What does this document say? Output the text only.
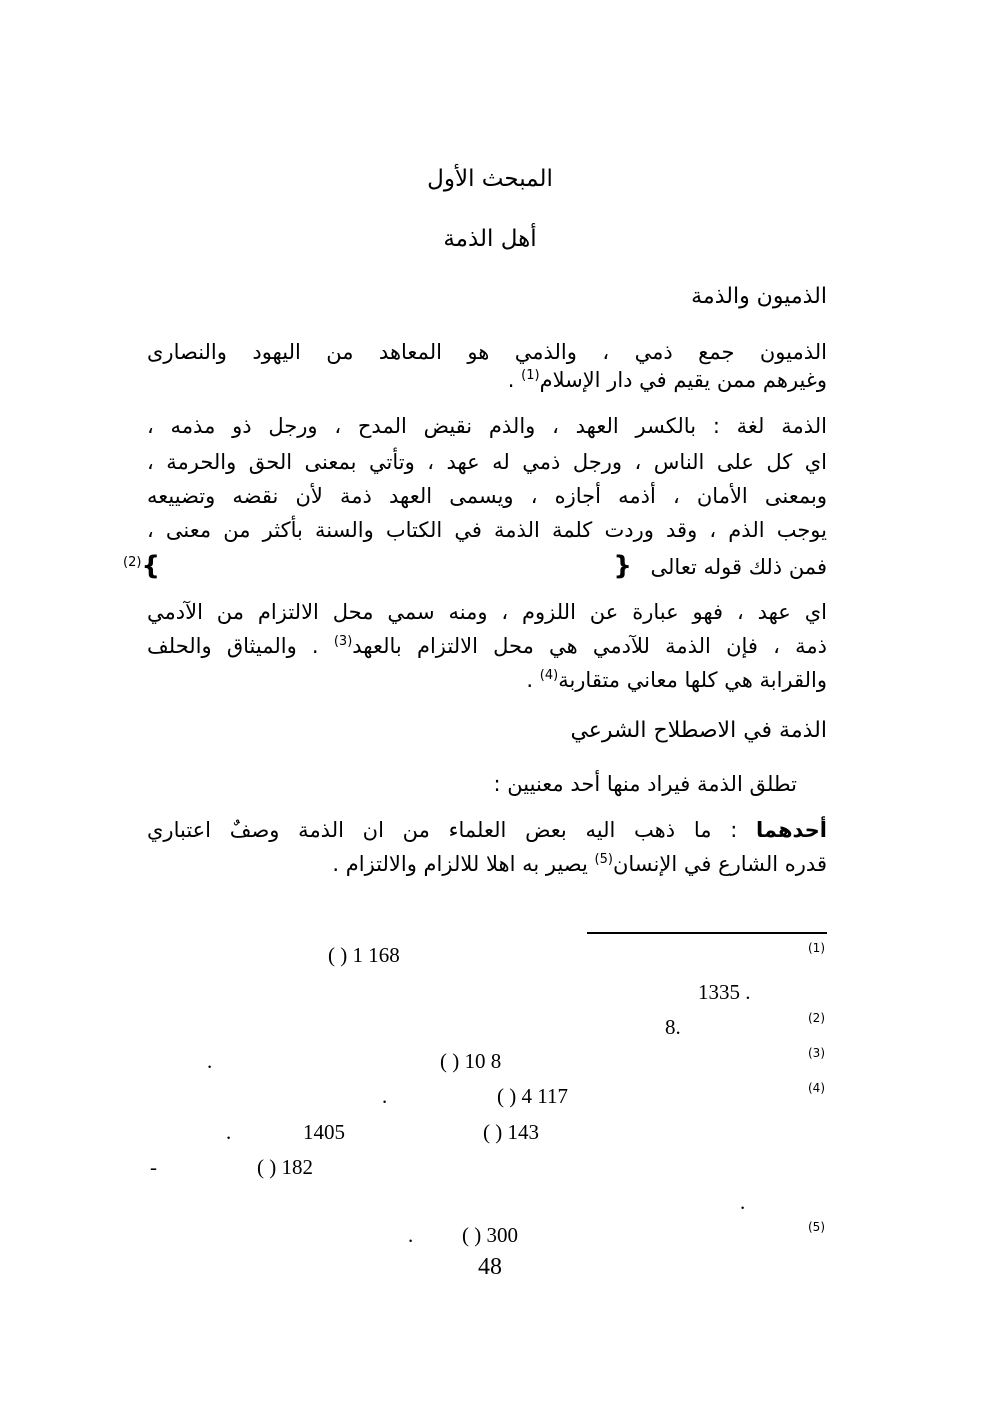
المبحث الأول
أهل الذمة
الذميون والذمة
الذميون جمع ذمي ، والذمي هو المعاهد من اليهود والنصارى
وغيرهم ممن يقيم في دار الإسلام$^{(1)}$ .
الذمة لغة : بالكسر العهد ، والذم نقيض المدح ، ورجل ذو مذمه ،
اي كل على الناس ، ورجل ذمي له عهد ، وتأتي بمعنى الحق والحرمة ،
وبمعنى الأمان ، أذمه أجازه ، ويسمى العهد ذمة لأن نقضه وتضييعه
يوجب الذم ، وقد وردت كلمة الذمة في الكتاب والسنة بأكثر من معنى ،
فمن ذلك قوله تعالى {  }$^{(2)}$
اي عهد ، فهو عبارة عن اللزوم ، ومنه سمي محل الالتزام من الآدمي
ذمة ، فإن الذمة للآدمي هي محل الالتزام بالعهد$^{(3)}$ . والميثاق والحلف
والقرابة هي كلها معاني متقاربة$^{(4)}$ .
الذمة في الاصطلاح الشرعي
تطلق الذمة فيراد منها أحد معنيين :
أحدهما : ما ذهب اليه بعض العلماء من ان الذمة وصفٌ اعتباري
قدره الشارع في الإنسان$^{(5)}$ يصير به اهلا للالزام والالتزام .
(1)
( ) 1 168
1335 .
(2)
8.
(3)
( ) 10 8
.
(4)
( ) 4 117
.
( ) 143
1405
.
( ) 182
-
.
(5)
( ) 300
.
48
